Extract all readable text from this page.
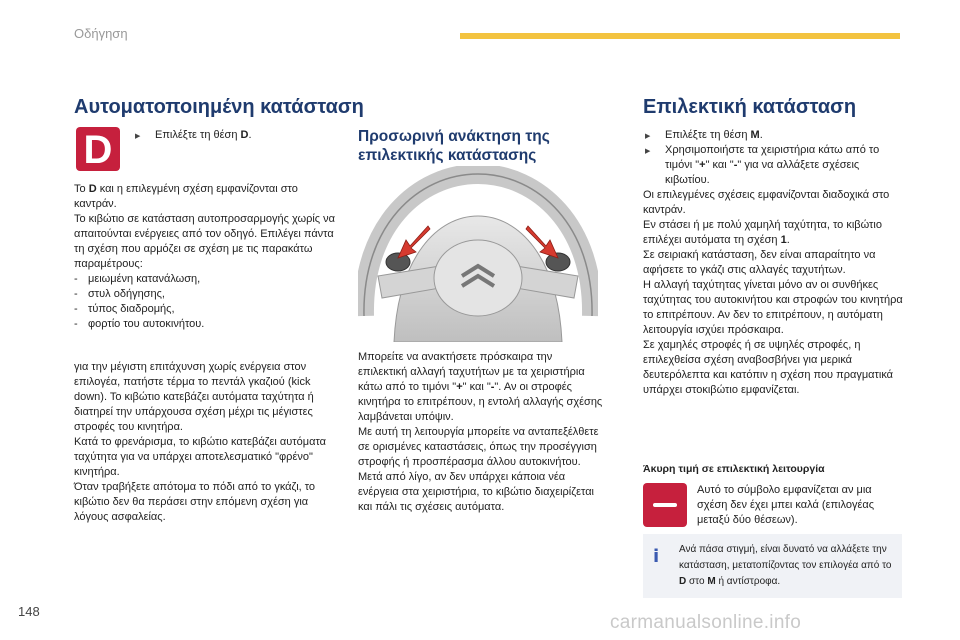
Οδήγηση
Αυτοματοποιημένη κατάσταση
D
▶	Επιλέξτε τη θέση D.

Το D και η επιλεγμένη σχέση εμφανίζονται στο καντράν.

Το κιβώτιο σε κατάσταση αυτοπροσαρμογής χωρίς να απαιτούνται ενέργειες από τον οδηγό. Επιλέγει πάντα τη σχέση που αρμόζει σε σχέση με τις παρακάτω παραμέτρους:

- μειωμένη κατανάλωση,
- στυλ οδήγησης,
- τύπος διαδρομής,
- φορτίο του αυτοκινήτου.

για την μέγιστη επιτάχυνση χωρίς ενέργεια στον επιλογέα, πατήστε τέρμα το πεντάλ γκαζιού (kick down). Το κιβώτιο κατεβάζει αυτόματα ταχύτητα ή διατηρεί την υπάρχουσα σχέση μέχρι τις μέγιστες στροφές του κινητήρα.

Κατά το φρενάρισμα, το κιβώτιο κατεβάζει αυτόματα ταχύτητα για να υπάρχει αποτελεσματικό "φρένο" κινητήρα.

Όταν τραβήξετε απότομα το πόδι από το γκάζι, το κιβώτιο δεν θα περάσει στην επόμενη σχέση για λόγους ασφαλείας.

Προσωρινή ανάκτηση της
επιλεκτικής κατάστασης

Μπορείτε να ανακτήσετε πρόσκαιρα την επιλεκτική αλλαγή ταχυτήτων με τα χειριστήρια κάτω από το τιμόνι "+" και "-". Αν οι στροφές κινητήρα το επιτρέπουν, η εντολή αλλαγής σχέσης λαμβάνεται υπόψιν.

Με αυτή τη λειτουργία μπορείτε να ανταπεξέλθετε σε ορισμένες καταστάσεις, όπως την προσέγγιση στροφής ή προσπέρασμα άλλου αυτοκινήτου.

Μετά από λίγο, αν δεν υπάρχει κάποια νέα ενέργεια στα χειριστήρια, το κιβώτιο διαχειρίζεται και πάλι τις σχέσεις αυτόματα.

Επιλεκτική κατάσταση
▶ Επιλέξτε τη θέση M.
▶ Χρησιμοποιήστε τα χειριστήρια κάτω από το τιμόνι "+" και "-" για να αλλάξετε σχέσεις κιβωτίου.

Οι επιλεγμένες σχέσεις εμφανίζονται διαδοχικά στο καντράν.

Εν στάσει ή με πολύ χαμηλή ταχύτητα, το κιβώτιο επιλέχει αυτόματα τη σχέση 1.

Σε σειριακή κατάσταση, δεν είναι απαραίτητο να αφήσετε το γκάζι στις αλλαγές ταχυτήτων.

Η αλλαγή ταχύτητας γίνεται μόνο αν οι συνθήκες ταχύτητας του αυτοκινήτου και στροφών του κινητήρα το επιτρέπουν. Αν δεν το επιτρέπουν, η αυτόματη λειτουργία ισχύει πρόσκαιρα.

Σε χαμηλές στροφές ή σε υψηλές στροφές, η επιλεχθείσα σχέση αναβοσβήνει για μερικά δευτερόλεπτα και κατόπιν η σχέση που πραγματικά υπάρχει στοκιβώτιο εμφανίζεται.

Άκυρη τιμή σε επιλεκτική λειτουργία
Αυτό το σύμβολο εμφανίζεται αν μια σχέση δεν έχει μπει καλά (επιλογέας μεταξύ δύο θέσεων).
i	Ανά πάσα στιγμή, είναι δυνατό να αλλάξετε την κατάσταση, μετατοπίζοντας τον επιλογέα από το D στο M ή αντίστροφα.
148
carmanualsonline.info
